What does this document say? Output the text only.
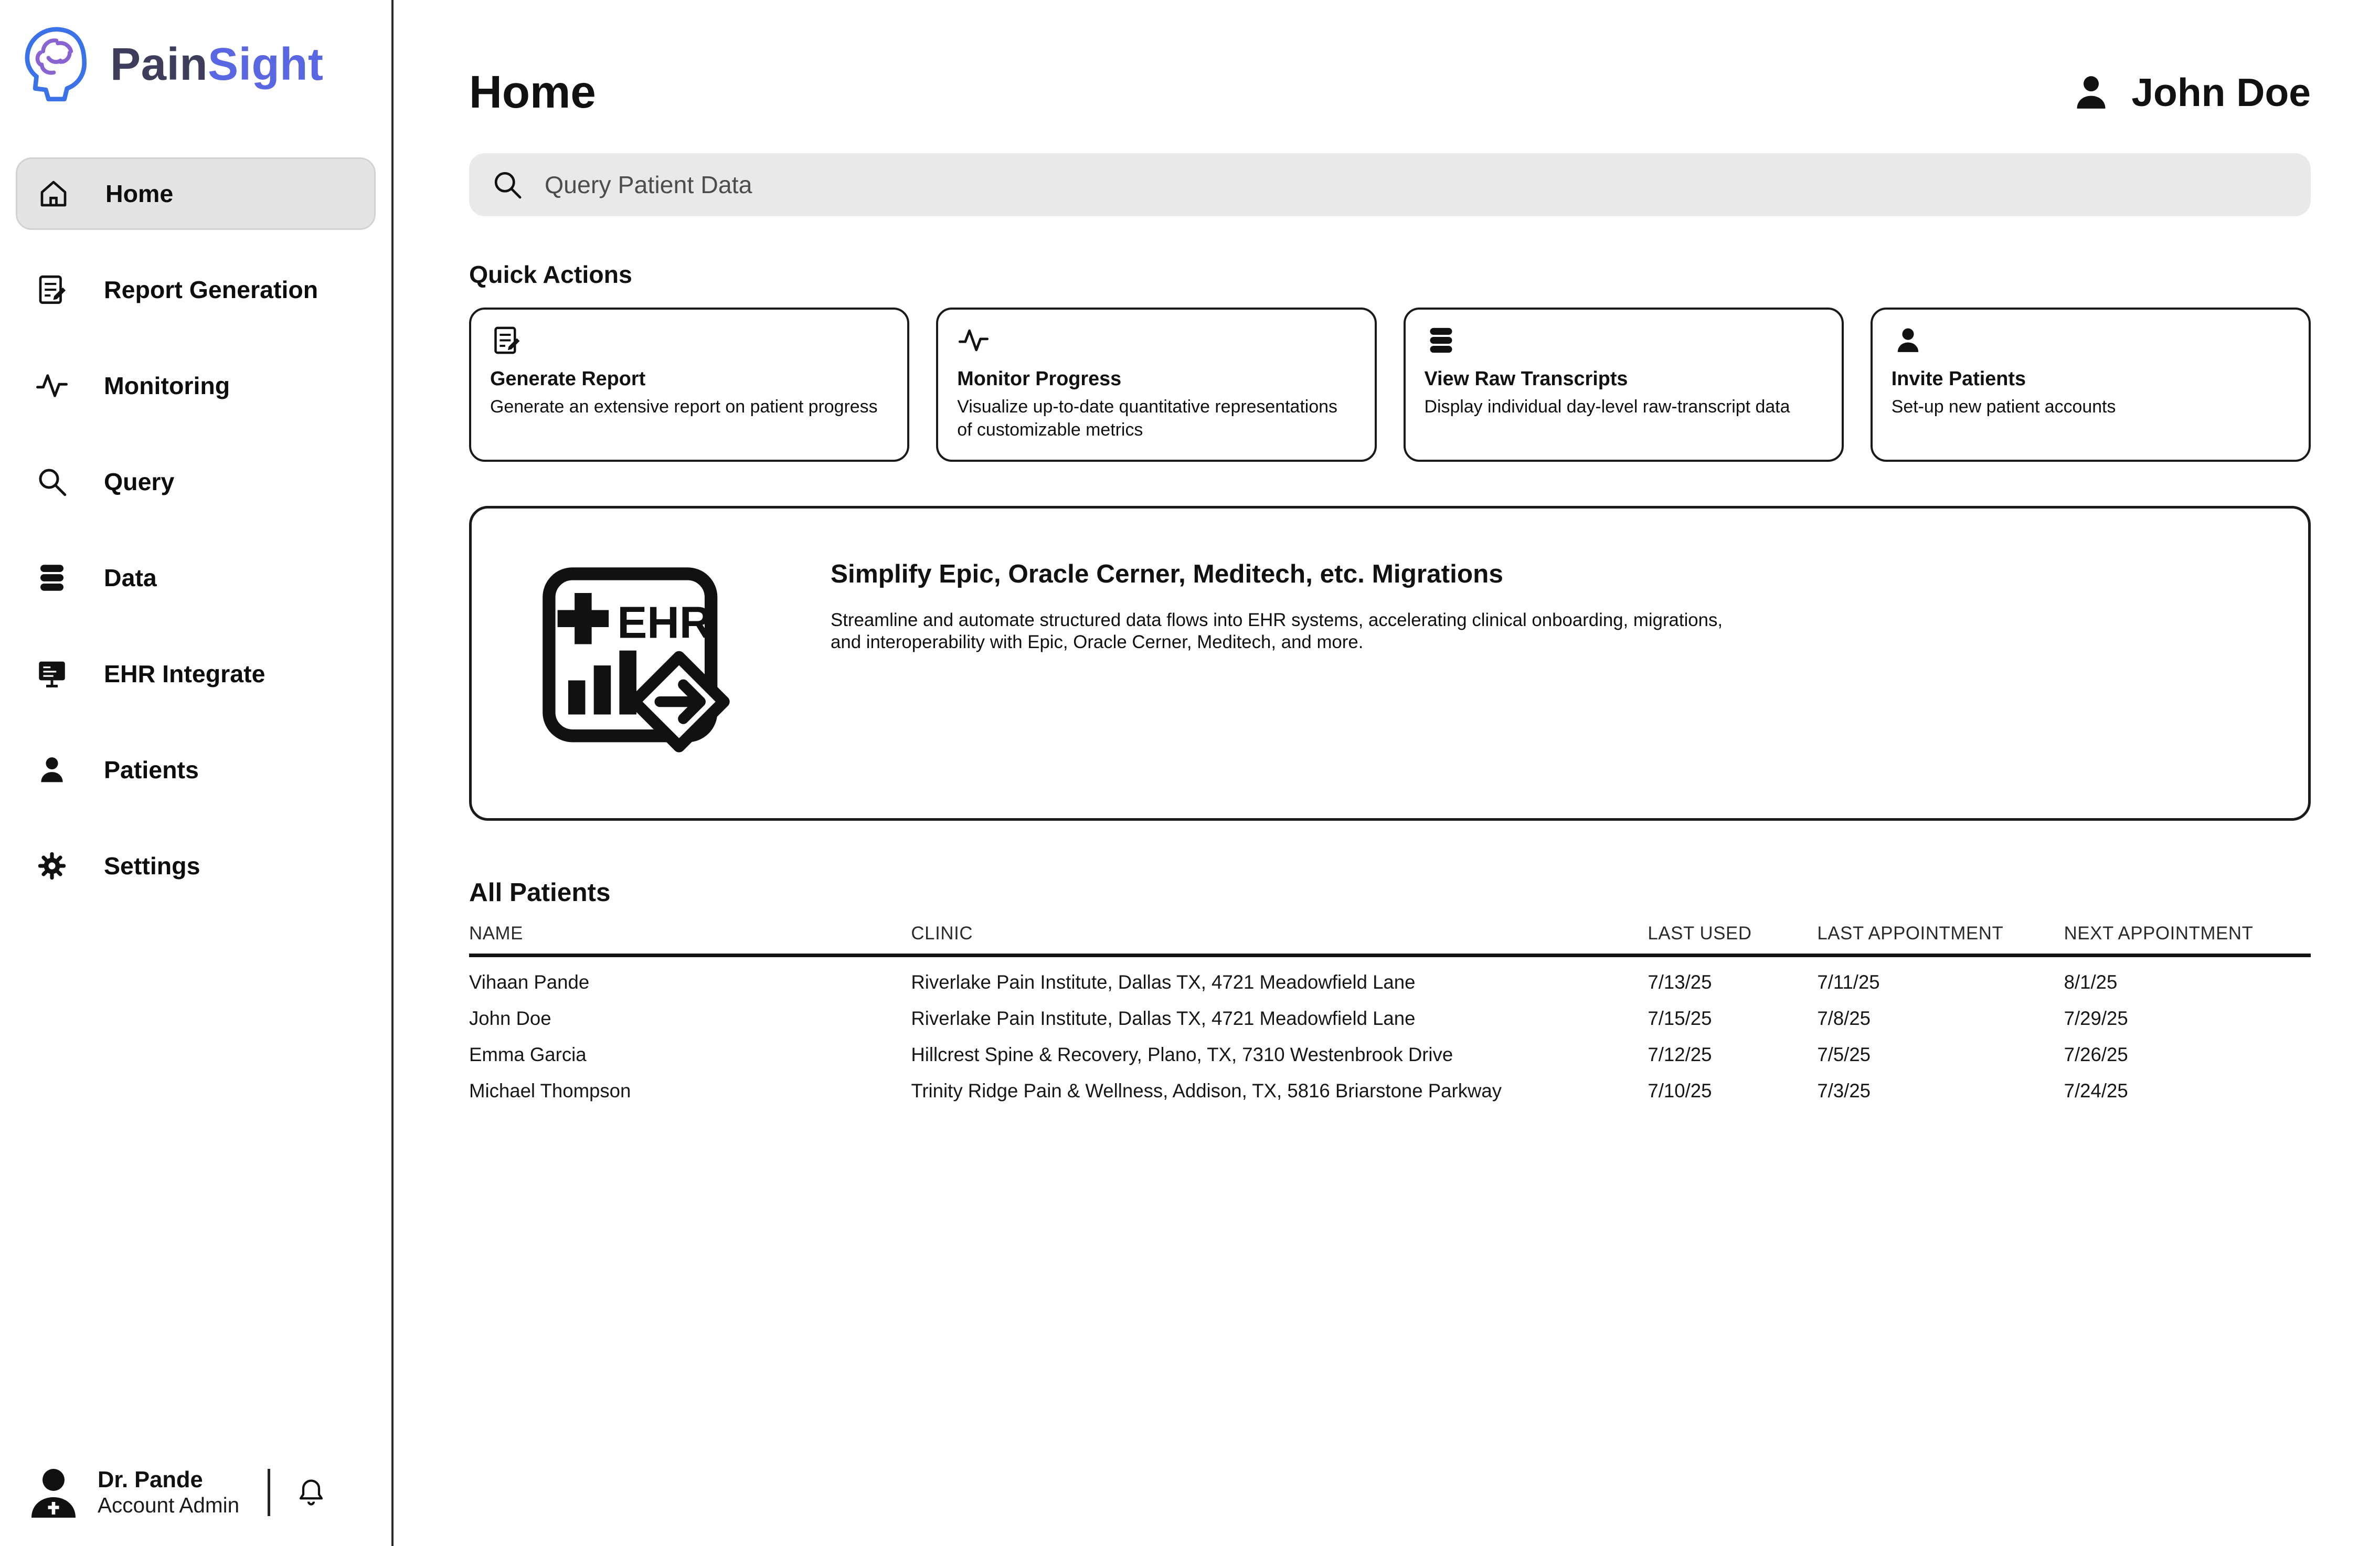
PainSight
Home
Report Generation
Monitoring
Query
Data
EHR Integrate
Patients
Settings
Dr. Pande
Account Admin
Home	John Doe
Query Patient Data
Quick Actions
Generate Report
Generate an extensive report on patient progress
Monitor Progress
Visualize up-to-date quantitative representations of customizable metrics
View Raw Transcripts
Display individual day-level raw-transcript data
Invite Patients
Set-up new patient accounts
EHR
Simplify Epic, Oracle Cerner, Meditech, etc. Migrations
Streamline and automate structured data flows into EHR systems, accelerating clinical onboarding, migrations,
and interoperability with Epic, Oracle Cerner, Meditech, and more.
All Patients
NAME	CLINIC	LAST USED	LAST APPOINTMENT	NEXT APPOINTMENT
Vihaan Pande	Riverlake Pain Institute, Dallas TX, 4721 Meadowfield Lane	7/13/25	7/11/25	8/1/25
John Doe	Riverlake Pain Institute, Dallas TX, 4721 Meadowfield Lane	7/15/25	7/8/25	7/29/25
Emma Garcia	Hillcrest Spine & Recovery, Plano, TX, 7310 Westenbrook Drive	7/12/25	7/5/25	7/26/25
Michael Thompson	Trinity Ridge Pain & Wellness, Addison, TX, 5816 Briarstone Parkway	7/10/25	7/3/25	7/24/25
